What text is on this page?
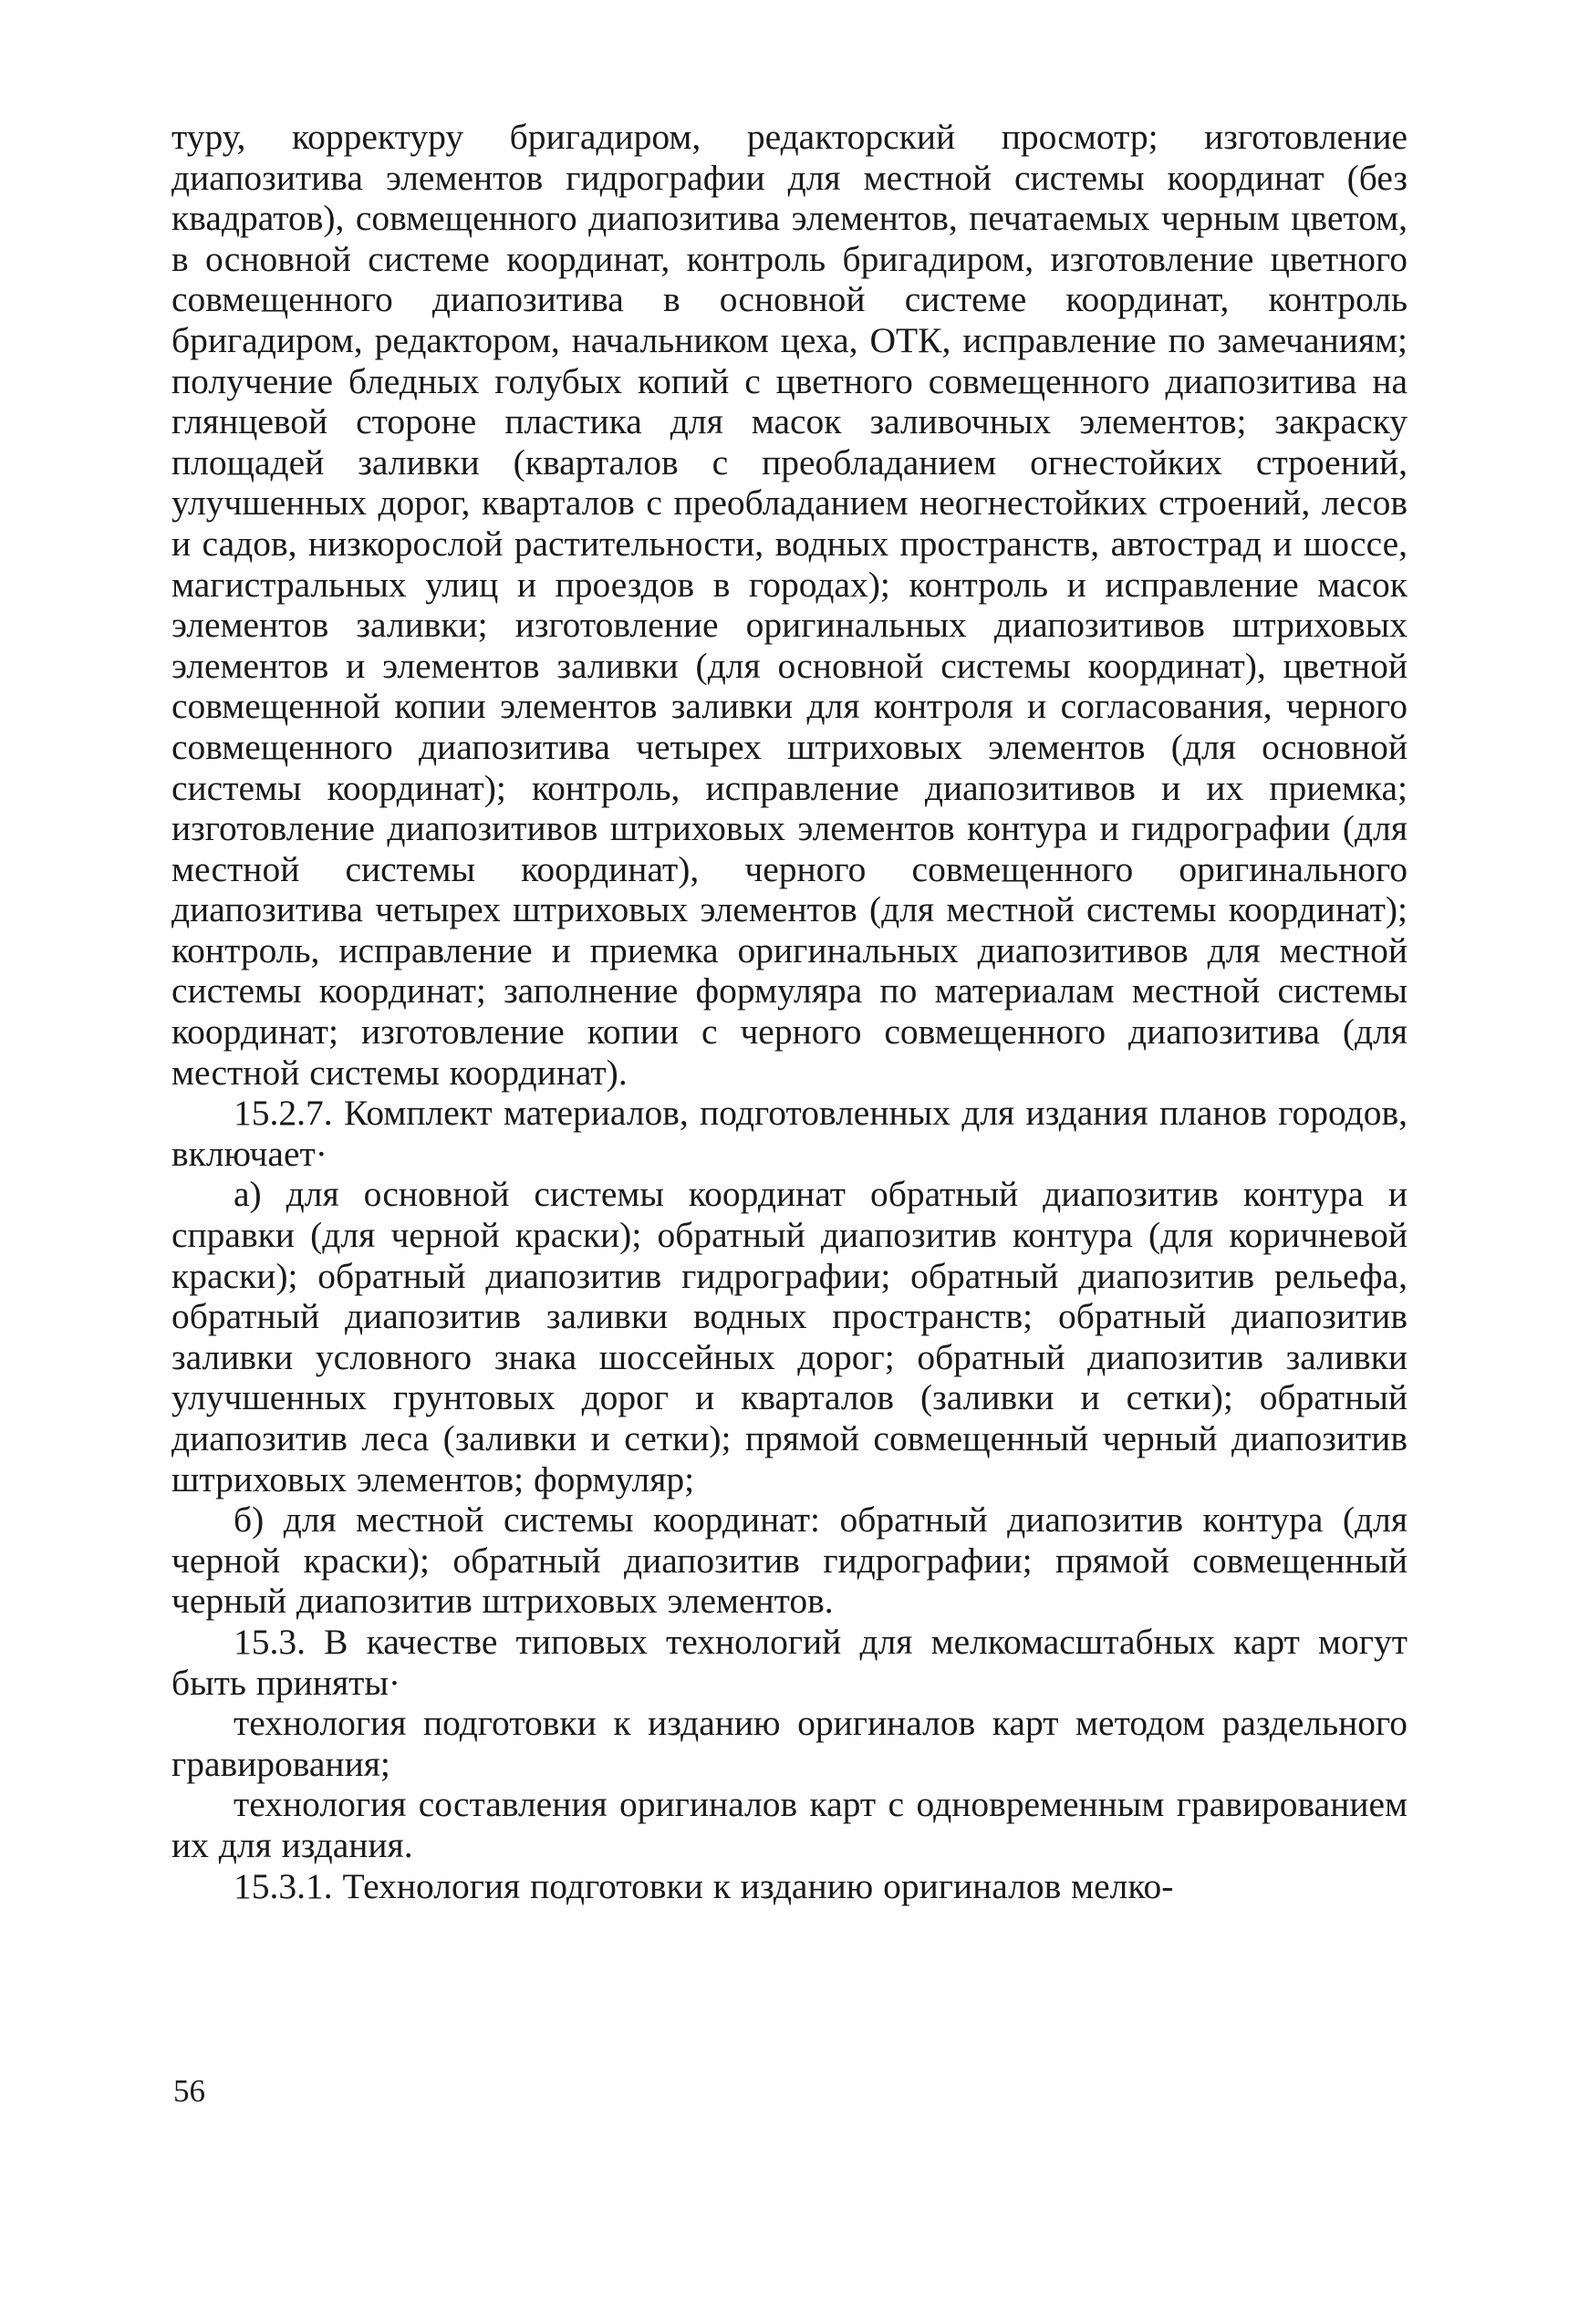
туру, корректуру бригадиром, редакторский просмотр; изготовление диапозитива элементов гидрографии для местной системы координат (без квадратов), совмещенного диапозитива элементов, печатаемых черным цветом, в основной системе координат, контроль бригадиром, изготовление цветного совмещенного диапозитива в основной системе координат, контроль бригадиром, редактором, начальником цеха, ОТК, исправление по замечаниям; получение бледных голубых копий с цветного совмещенного диапозитива на глянцевой стороне пластика для масок заливочных элементов; закраску площадей заливки (кварталов с преобладанием огнестойких строений, улучшенных дорог, кварталов с преобладанием неогнестойких строений, лесов и садов, низкорослой растительности, водных пространств, автострад и шоссе, магистральных улиц и проездов в городах); контроль и исправление масок элементов заливки; изготовление оригинальных диапозитивов штриховых элементов и элементов заливки (для основной системы координат), цветной совмещенной копии элементов заливки для контроля и согласования, черного совмещенного диапозитива четырех штриховых элементов (для основной системы координат); контроль, исправление диапозитивов и их приемка; изготовление диапозитивов штриховых элементов контура и гидрографии (для местной системы координат), черного совмещенного оригинального диапозитива четырех штриховых элементов (для местной системы координат); контроль, исправление и приемка оригинальных диапозитивов для местной системы координат; заполнение формуляра по материалам местной системы координат; изготовление копии с черного совмещенного диапозитива (для местной системы координат).

15.2.7. Комплект материалов, подготовленных для издания планов городов, включает·

а) для основной системы координат обратный диапозитив контура и справки (для черной краски); обратный диапозитив контура (для коричневой краски); обратный диапозитив гидрографии; обратный диапозитив рельефа, обратный диапозитив заливки водных пространств; обратный диапозитив заливки условного знака шоссейных дорог; обратный диапозитив заливки улучшенных грунтовых дорог и кварталов (заливки и сетки); обратный диапозитив леса (заливки и сетки); прямой совмещенный черный диапозитив штриховых элементов; формуляр;

б) для местной системы координат: обратный диапозитив контура (для черной краски); обратный диапозитив гидрографии; прямой совмещенный черный диапозитив штриховых элементов.

15.3. В качестве типовых технологий для мелкомасштабных карт могут быть приняты·

технология подготовки к изданию оригиналов карт методом раздельного гравирования;

технология составления оригиналов карт с одновременным гравированием их для издания.

15.3.1. Технология подготовки к изданию оригиналов мелко-

56
